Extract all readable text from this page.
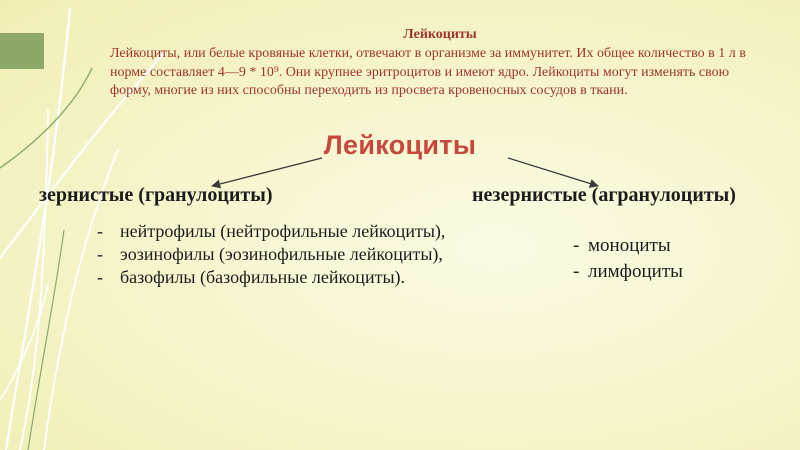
Лейкоциты
Лейкоциты, или белые кровяные клетки, отвечают в организме за иммунитет. Их общее количество в 1 л в норме составляет 4—9 * 10⁹. Они крупнее эритроцитов и имеют ядро. Лейкоциты могут изменять свою форму, многие из них способны переходить из просвета кровеносных сосудов в ткани.
Лейкоциты
зернистые (гранулоциты)	незернистые (агранулоциты)
- нейтрофилы (нейтрофильные лейкоциты),
- эозинофилы (эозинофильные лейкоциты),
- базофилы (базофильные лейкоциты).
- моноциты
- лимфоциты
